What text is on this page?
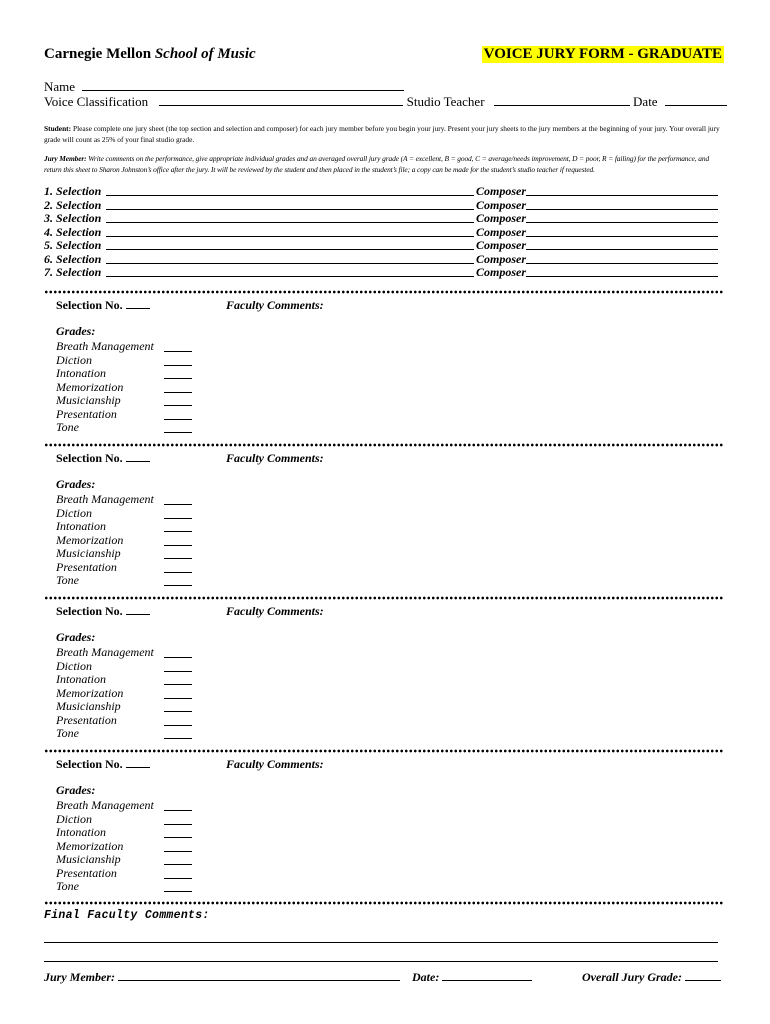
Carnegie Mellon School of Music	VOICE JURY FORM - GRADUATE
Name
Voice Classification	Studio Teacher	Date
Student: Please complete one jury sheet (the top section and selection and composer) for each jury member before you begin your jury. Present your jury sheets to the jury members at the beginning of your jury. Your overall jury grade will count as 25% of your final studio grade.
Jury Member: Write comments on the performance, give appropriate individual grades and an averaged overall jury grade (A = excellent, B = good, C = average/needs improvement, D = poor, R = failing) for the performance, and return this sheet to Sharon Johnston’s office after the jury. It will be reviewed by the student and then placed in the student’s file; a copy can be made for the student’s studio teacher if requested.
1. Selection	Composer
2. Selection	Composer
3. Selection	Composer
4. Selection	Composer
5. Selection	Composer
6. Selection	Composer
7. Selection	Composer
Selection No.	Faculty Comments:
Grades:
Breath Management
Diction
Intonation
Memorization
Musicianship
Presentation
Tone
Selection No.	Faculty Comments:
Grades:
Breath Management
Diction
Intonation
Memorization
Musicianship
Presentation
Tone
Selection No.	Faculty Comments:
Grades:
Breath Management
Diction
Intonation
Memorization
Musicianship
Presentation
Tone
Selection No.	Faculty Comments:
Grades:
Breath Management
Diction
Intonation
Memorization
Musicianship
Presentation
Tone
Final Faculty Comments:
Jury Member:	Date:	Overall Jury Grade:
